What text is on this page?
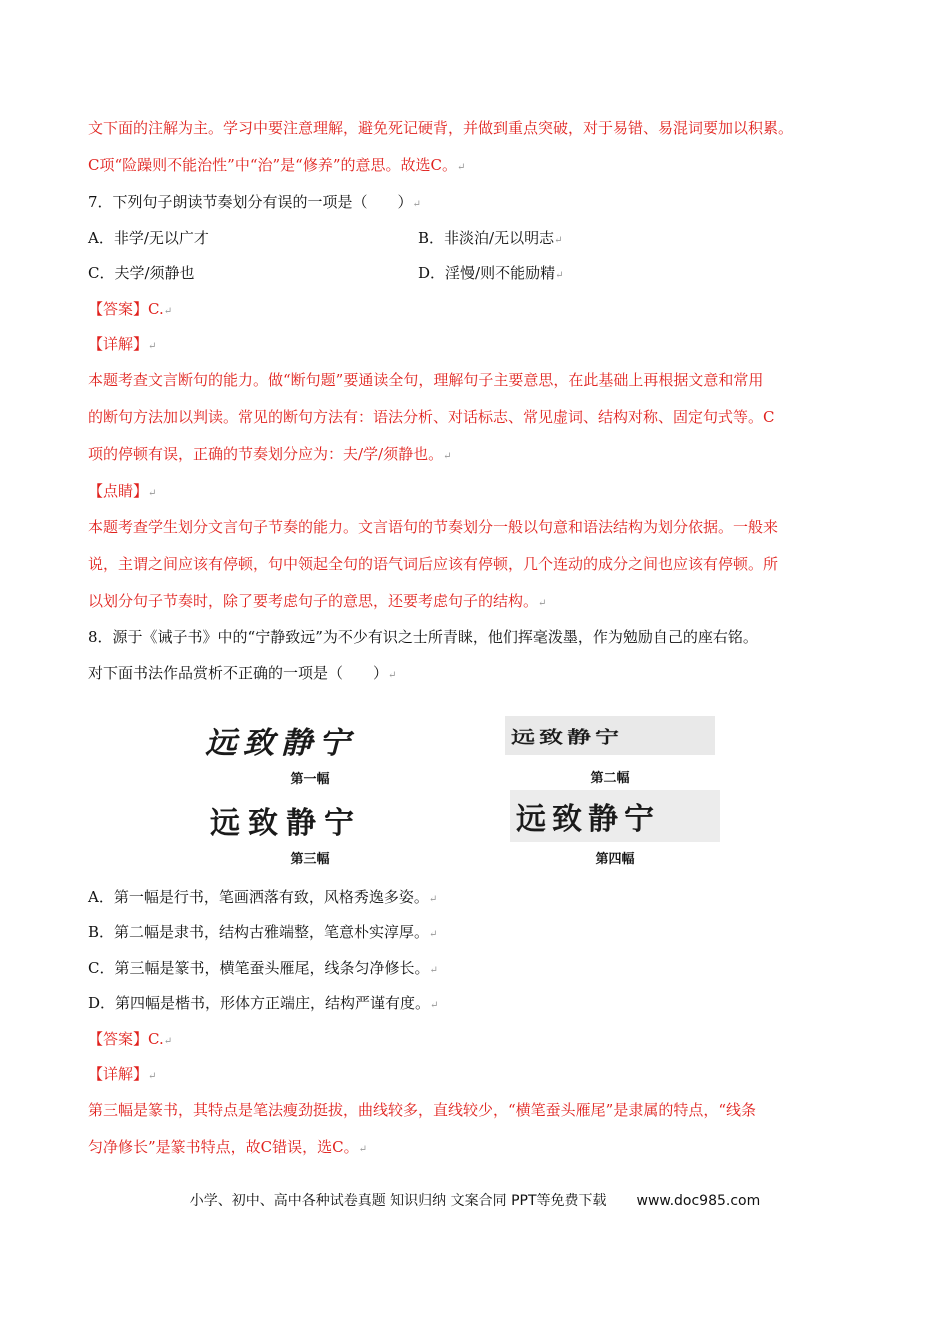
文下面的注解为主。学习中要注意理解，避免死记硬背，并做到重点突破，对于易错、易混词要加以积累。
C项“险躁则不能治性”中“治”是“修养”的意思。故选C。↵
7．下列句子朗读节奏划分有误的一项是（　　）↵
A．非学/无以广才	B．非淡泊/无以明志↵
C．夫学/须静也	D．淫慢/则不能励精↵
【答案】C.↵
【详解】↵
本题考查文言断句的能力。做“断句题”要通读全句，理解句子主要意思，在此基础上再根据文意和常用
的断句方法加以判读。常见的断句方法有：语法分析、对话标志、常见虚词、结构对称、固定句式等。C
项的停顿有误，正确的节奏划分应为：夫/学/须静也。↵
【点睛】↵
本题考查学生划分文言句子节奏的能力。文言语句的节奏划分一般以句意和语法结构为划分依据。一般来
说，主谓之间应该有停顿，句中领起全句的语气词后应该有停顿，几个连动的成分之间也应该有停顿。所
以划分句子节奏时，除了要考虑句子的意思，还要考虑句子的结构。↵
8．源于《诫子书》中的“宁静致远”为不少有识之士所青睐，他们挥毫泼墨，作为勉励自己的座右铭。
对下面书法作品赏析不正确的一项是（　　）↵
远致静宁
第一幅
远致静宁
第三幅
远致静宁
第二幅
远致静宁
第四幅
A．第一幅是行书，笔画洒落有致，风格秀逸多姿。↵
B．第二幅是隶书，结构古雅端整，笔意朴实淳厚。↵
C．第三幅是篆书，横笔蚕头雁尾，线条匀净修长。↵
D．第四幅是楷书，形体方正端庄，结构严谨有度。↵
【答案】C.↵
【详解】↵
第三幅是篆书，其特点是笔法瘦劲挺拔，曲线较多，直线较少，“横笔蚕头雁尾”是隶属的特点，“线条
匀净修长”是篆书特点，故C错误，选C。↵
小学、初中、高中各种试卷真题 知识归纳 文案合同 PPT等免费下载 www.doc985.com
